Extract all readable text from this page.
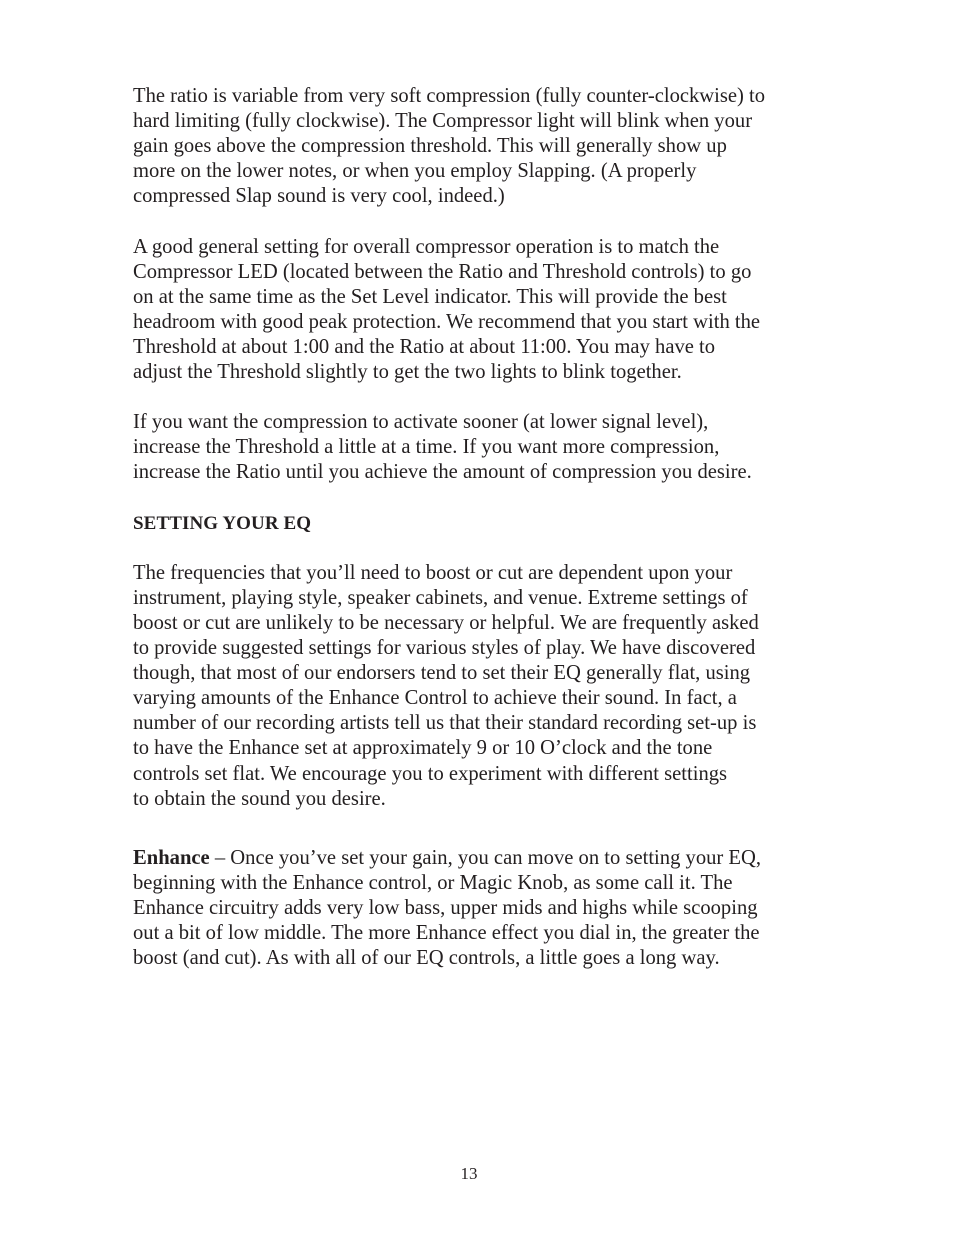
The ratio is variable from very soft compression (fully counter-clockwise) to
hard limiting (fully clockwise). The Compressor light will blink when your
gain goes above the compression threshold. This will generally show up
more on the lower notes, or when you employ Slapping. (A properly
compressed Slap sound is very cool, indeed.)

A good general setting for overall compressor operation is to match the
Compressor LED (located between the Ratio and Threshold controls) to go
on at the same time as the Set Level indicator. This will provide the best
headroom with good peak protection. We recommend that you start with the
Threshold at about 1:00 and the Ratio at about 11:00. You may have to
adjust the Threshold slightly to get the two lights to blink together.

If you want the compression to activate sooner (at lower signal level),
increase the Threshold a little at a time. If you want more compression,
increase the Ratio until you achieve the amount of compression you desire.

SETTING YOUR EQ

The frequencies that you’ll need to boost or cut are dependent upon your
instrument, playing style, speaker cabinets, and venue. Extreme settings of
boost or cut are unlikely to be necessary or helpful. We are frequently asked
to provide suggested settings for various styles of play. We have discovered
though, that most of our endorsers tend to set their EQ generally flat, using
varying amounts of the Enhance Control to achieve their sound. In fact, a
number of our recording artists tell us that their standard recording set-up is
to have the Enhance set at approximately 9 or 10 O’clock and the tone
controls set flat. We encourage you to experiment with different settings
to obtain the sound you desire.

Enhance – Once you’ve set your gain, you can move on to setting your EQ,
beginning with the Enhance control, or Magic Knob, as some call it. The
Enhance circuitry adds very low bass, upper mids and highs while scooping
out a bit of low middle. The more Enhance effect you dial in, the greater the
boost (and cut). As with all of our EQ controls, a little goes a long way.

13
